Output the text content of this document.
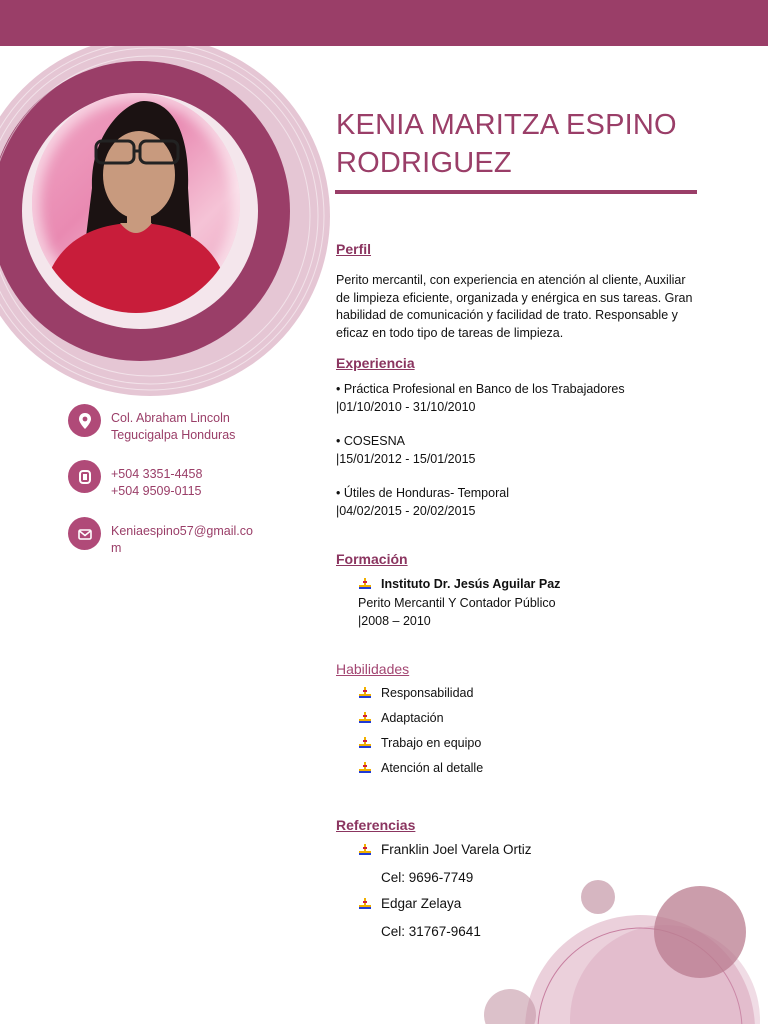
KENIA MARITZA ESPINO RODRIGUEZ
Col. Abraham Lincoln
Tegucigalpa Honduras
+504 3351-4458
+504 9509-0115
Keniaespino57@gmail.co
m
Perfil
Perito mercantil, con experiencia en atención al cliente, Auxiliar
de limpieza eficiente, organizada y enérgica en sus tareas. Gran
habilidad de comunicación y facilidad de trato. Responsable y
eficaz en todo tipo de tareas de limpieza.
Experiencia
• Práctica Profesional en Banco de los Trabajadores
|01/10/2010 - 31/10/2010
• COSESNA
|15/01/2012 - 15/01/2015
• Útiles de Honduras- Temporal
|04/02/2015 - 20/02/2015
Formación
Instituto Dr. Jesús Aguilar Paz
Perito Mercantil Y Contador Público
|2008 – 2010
Habilidades
Responsabilidad
Adaptación
Trabajo en equipo
Atención al detalle
Referencias
Franklin Joel Varela Ortiz
Cel: 9696-7749
Edgar Zelaya
Cel: 31767-9641
